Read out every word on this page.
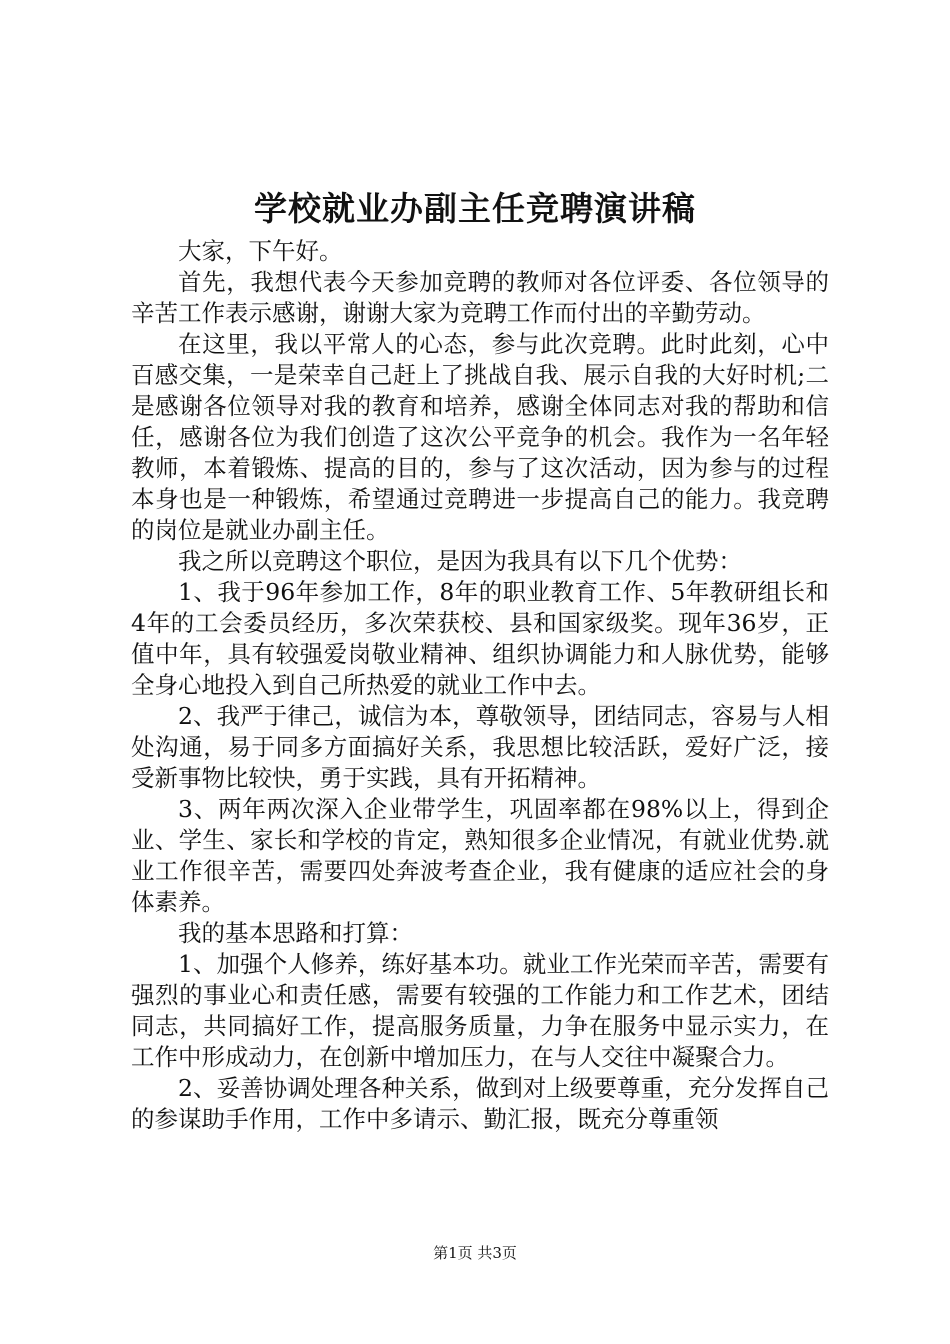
学校就业办副主任竞聘演讲稿

大家，下午好。

首先，我想代表今天参加竞聘的教师对各位评委、各位领导的辛苦工作表示感谢，谢谢大家为竞聘工作而付出的辛勤劳动。

在这里，我以平常人的心态，参与此次竞聘。此时此刻，心中百感交集，一是荣幸自己赶上了挑战自我、展示自我的大好时机;二是感谢各位领导对我的教育和培养，感谢全体同志对我的帮助和信任，感谢各位为我们创造了这次公平竞争的机会。我作为一名年轻教师，本着锻炼、提高的目的，参与了这次活动，因为参与的过程本身也是一种锻炼，希望通过竞聘进一步提高自己的能力。我竞聘的岗位是就业办副主任。

我之所以竞聘这个职位，是因为我具有以下几个优势：

1、我于96年参加工作，8年的职业教育工作、5年教研组长和4年的工会委员经历，多次荣获校、县和国家级奖。现年36岁，正值中年，具有较强爱岗敬业精神、组织协调能力和人脉优势，能够全身心地投入到自己所热爱的就业工作中去。

2、我严于律己，诚信为本，尊敬领导，团结同志，容易与人相处沟通，易于同多方面搞好关系，我思想比较活跃，爱好广泛，接受新事物比较快，勇于实践，具有开拓精神。

3、两年两次深入企业带学生，巩固率都在98%以上，得到企业、学生、家长和学校的肯定，熟知很多企业情况，有就业优势.就业工作很辛苦，需要四处奔波考查企业，我有健康的适应社会的身体素养。

我的基本思路和打算：

1、加强个人修养，练好基本功。就业工作光荣而辛苦，需要有强烈的事业心和责任感，需要有较强的工作能力和工作艺术，团结同志，共同搞好工作，提高服务质量，力争在服务中显示实力，在工作中形成动力，在创新中增加压力，在与人交往中凝聚合力。

2、妥善协调处理各种关系，做到对上级要尊重，充分发挥自己的参谋助手作用，工作中多请示、勤汇报，既充分尊重领

第1页 共3页
